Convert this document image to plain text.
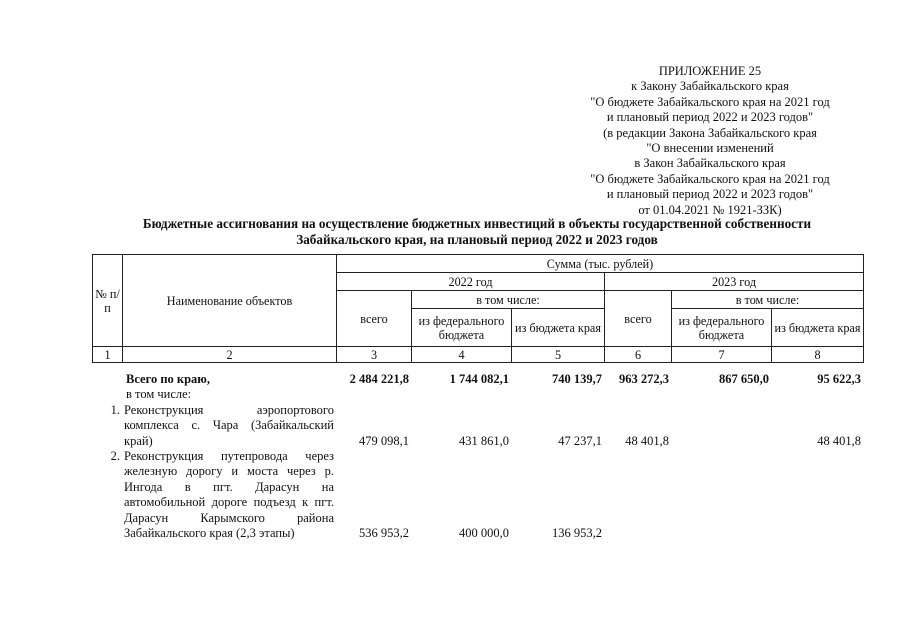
ПРИЛОЖЕНИЕ 25
к Закону Забайкальского края
"О бюджете Забайкальского края на 2021 год
и плановый период 2022 и 2023 годов"
(в редакции Закона Забайкальского края
"О внесении изменений
в Закон Забайкальского края
"О бюджете Забайкальского края на 2021 год
и плановый период 2022 и 2023 годов"
от 01.04.2021 № 1921-ЗЗК)
Бюджетные ассигнования на осуществление бюджетных инвестиций в объекты государственной собственности
Забайкальского края, на плановый период 2022 и 2023 годов
№ п/п	Наименование объектов	Сумма (тыс. рублей)					
		2022 год			2023 год		
		всего	в том числе:		всего	в том числе:	
			из федерального бюджета	из бюджета края		из федерального бюджета	из бюджета края
1	2	3	4	5	6	7	8
	Всего по краю,	2 484 221,8	1 744 082,1	740 139,7	963 272,3	867 650,0	95 622,3
	в том числе:						
1.	Реконструкция аэропортового комплекса с. Чара (Забайкальский край)	479 098,1	431 861,0	47 237,1	48 401,8		48 401,8
2.	Реконструкция путепровода через железную дорогу и моста через р. Ингода в пгт. Дарасун на автомобильной дороге подъезд к пгт. Дарасун Карымского района Забайкальского края (2,3 этапы)	536 953,2	400 000,0	136 953,2			
